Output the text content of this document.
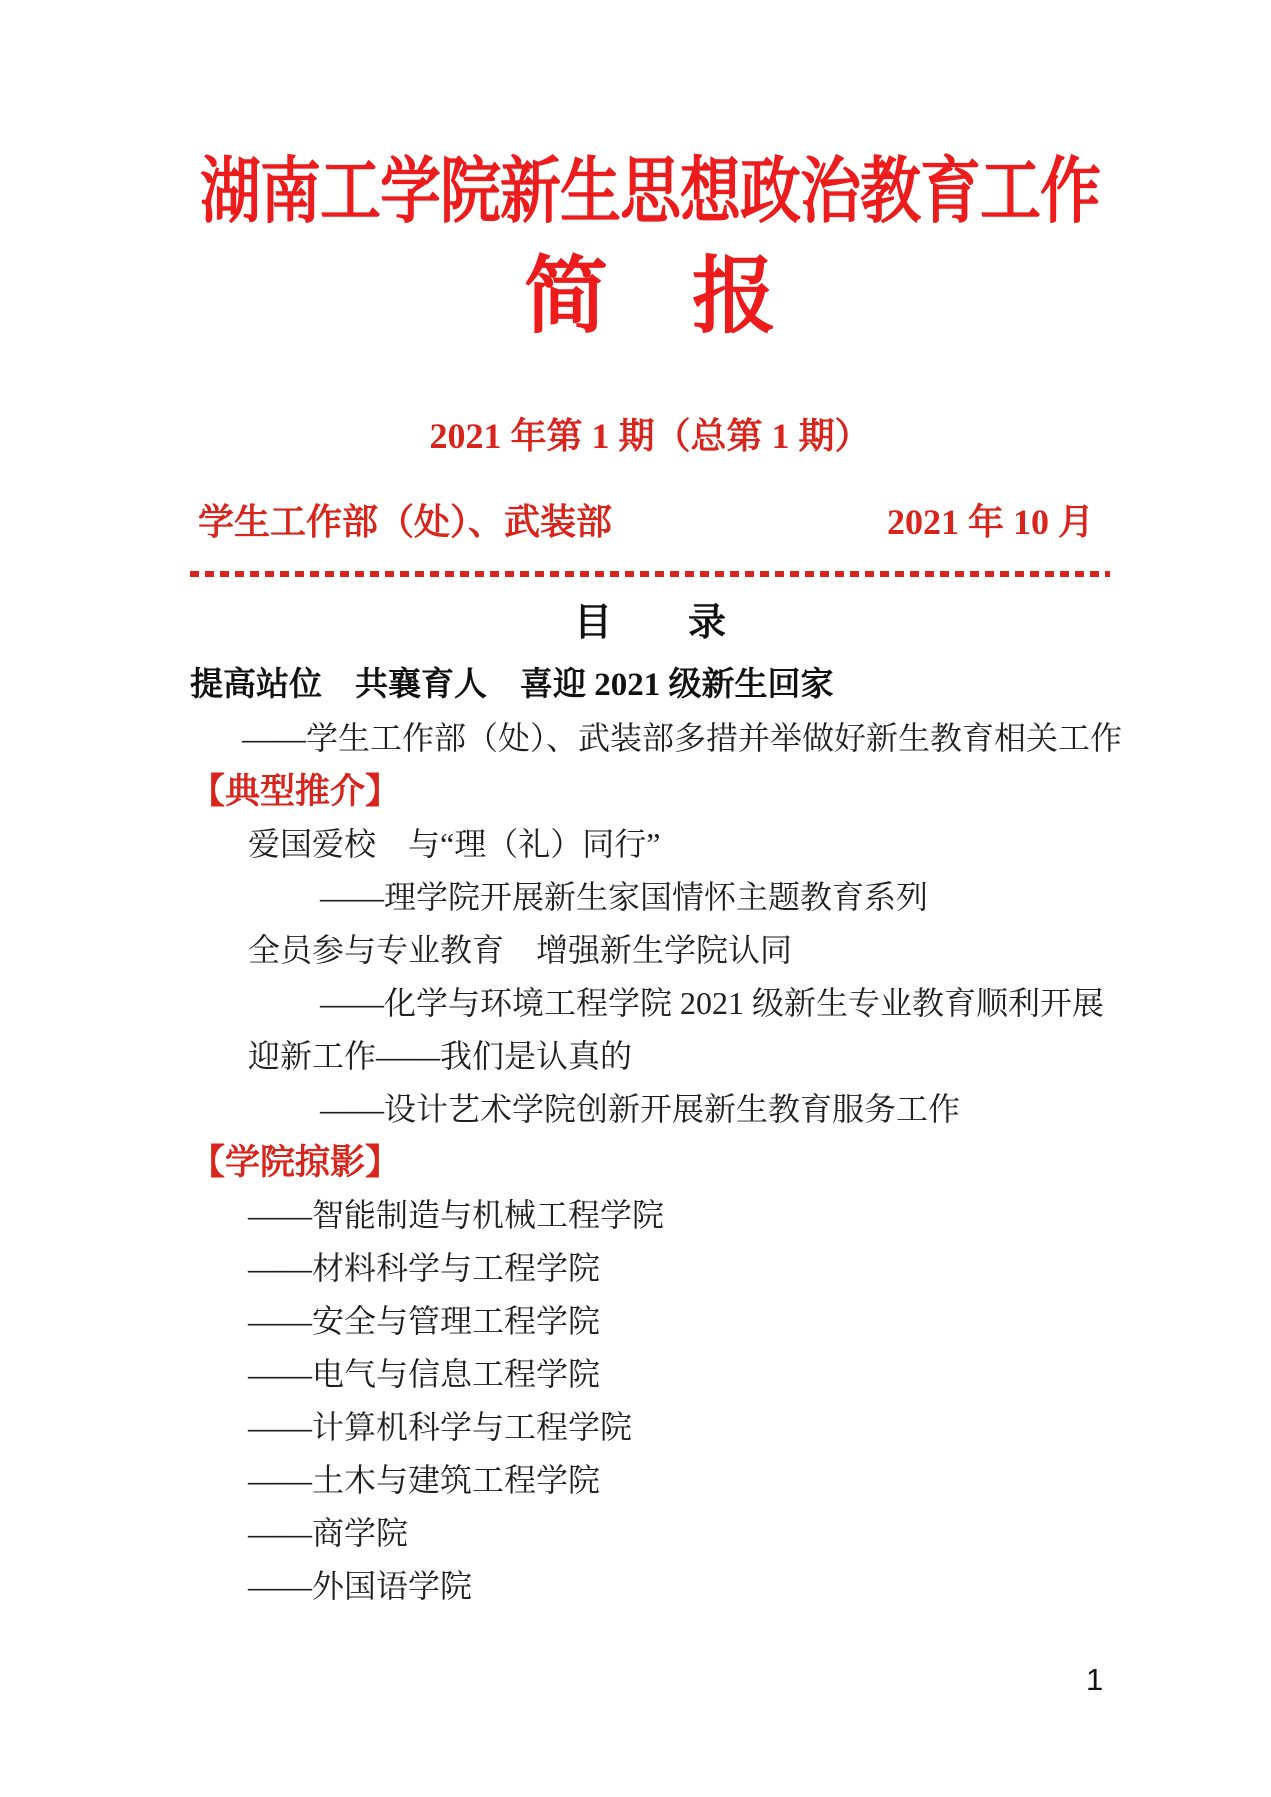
湖南工学院新生思想政治教育工作
简　报
2021 年第 1 期（总第 1 期）
学生工作部（处）、武装部	2021 年 10 月
目　　录
提高站位　共襄育人　喜迎 2021 级新生回家
——学生工作部（处）、武装部多措并举做好新生教育相关工作
【典型推介】
爱国爱校　与“理（礼）同行”
——理学院开展新生家国情怀主题教育系列
全员参与专业教育　增强新生学院认同
——化学与环境工程学院 2021 级新生专业教育顺利开展
迎新工作——我们是认真的
——设计艺术学院创新开展新生教育服务工作
【学院掠影】
——智能制造与机械工程学院
——材料科学与工程学院
——安全与管理工程学院
——电气与信息工程学院
——计算机科学与工程学院
——土木与建筑工程学院
——商学院
——外国语学院
1
